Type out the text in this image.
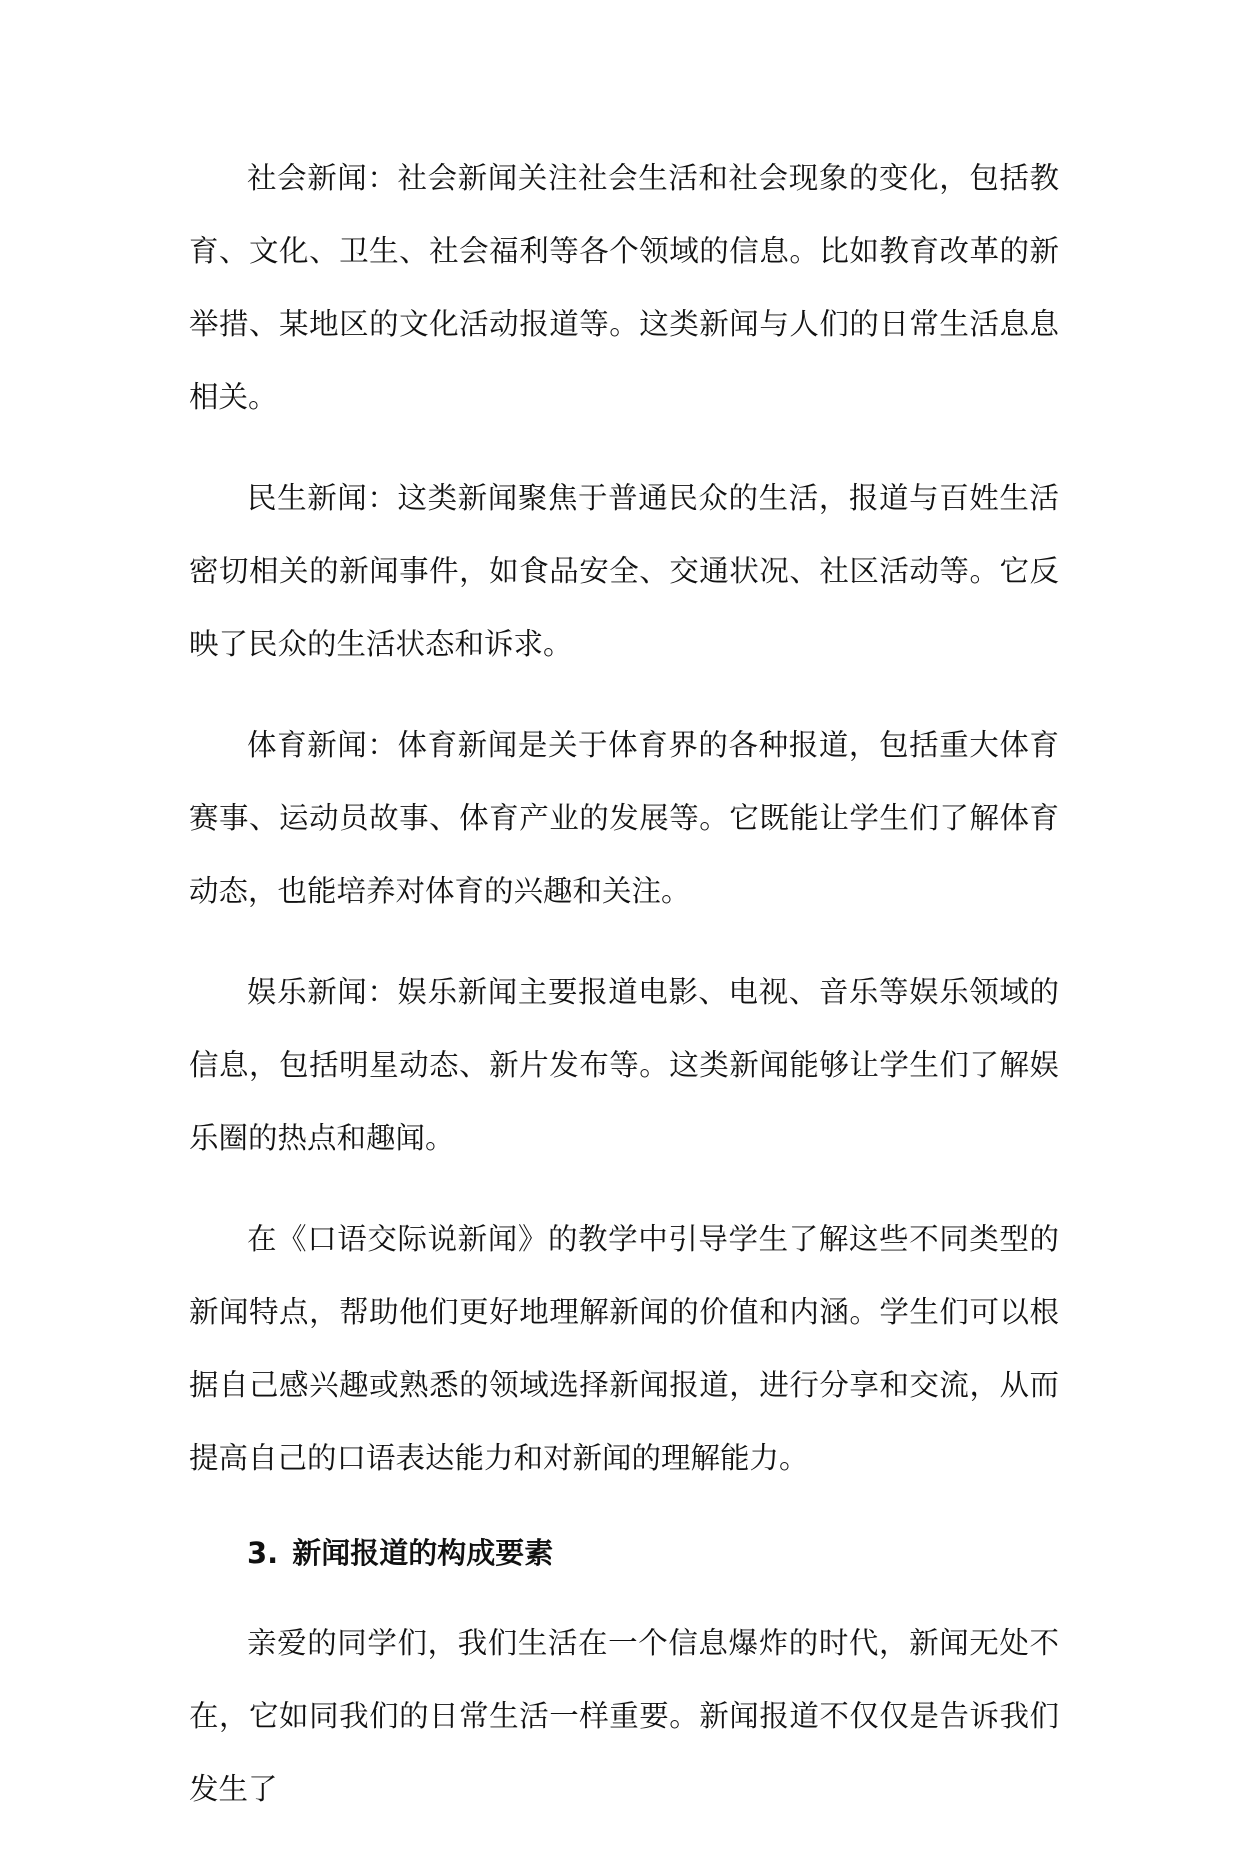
社会新闻：社会新闻关注社会生活和社会现象的变化，包括教育、文化、卫生、社会福利等各个领域的信息。比如教育改革的新举措、某地区的文化活动报道等。这类新闻与人们的日常生活息息相关。

民生新闻：这类新闻聚焦于普通民众的生活，报道与百姓生活密切相关的新闻事件，如食品安全、交通状况、社区活动等。它反映了民众的生活状态和诉求。

体育新闻：体育新闻是关于体育界的各种报道，包括重大体育赛事、运动员故事、体育产业的发展等。它既能让学生们了解体育动态，也能培养对体育的兴趣和关注。

娱乐新闻：娱乐新闻主要报道电影、电视、音乐等娱乐领域的信息，包括明星动态、新片发布等。这类新闻能够让学生们了解娱乐圈的热点和趣闻。

在《口语交际说新闻》的教学中引导学生了解这些不同类型的新闻特点，帮助他们更好地理解新闻的价值和内涵。学生们可以根据自己感兴趣或熟悉的领域选择新闻报道，进行分享和交流，从而提高自己的口语表达能力和对新闻的理解能力。

3. 新闻报道的构成要素

亲爱的同学们，我们生活在一个信息爆炸的时代，新闻无处不在，它如同我们的日常生活一样重要。新闻报道不仅仅是告诉我们发生了
